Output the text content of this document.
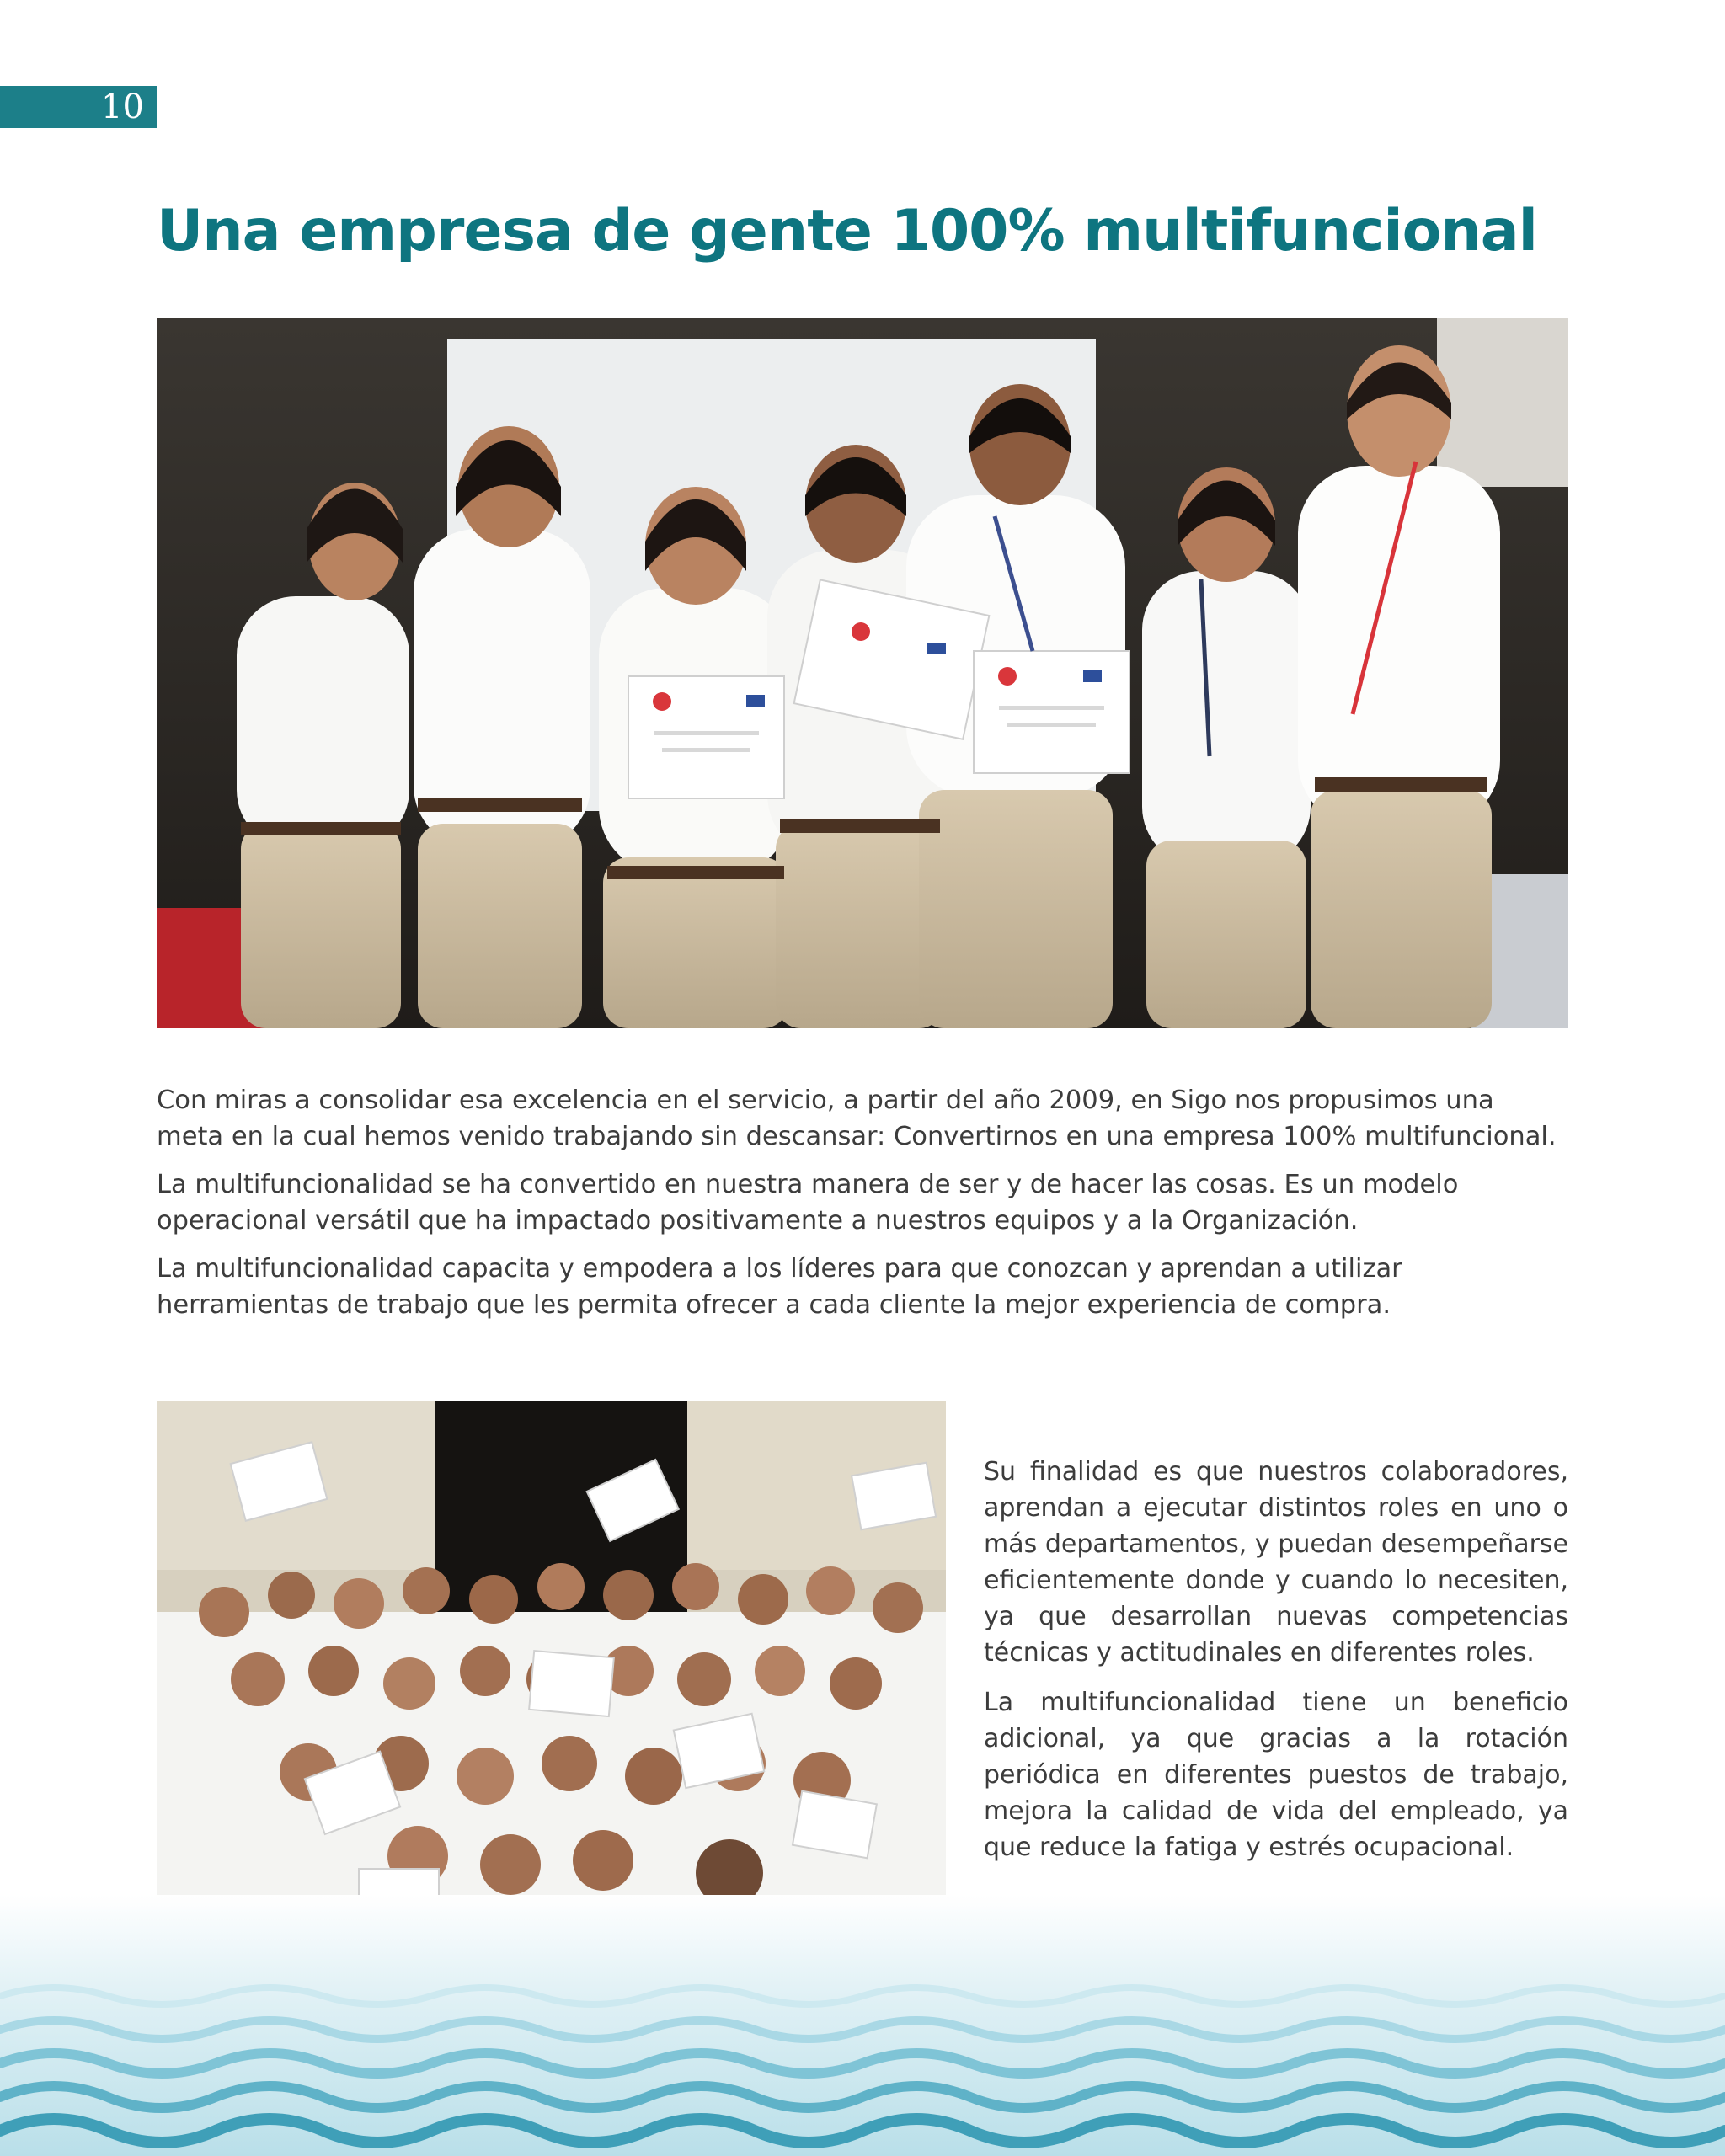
10
Una empresa de gente 100% multifuncional

Con miras a consolidar esa excelencia en el servicio, a partir del año 2009, en Sigo nos propusimos una meta en la cual hemos venido trabajando sin descansar: Convertirnos en una empresa 100% multifuncional.

La multifuncionalidad se ha convertido en nuestra manera de ser y de hacer las cosas. Es un modelo operacional versátil que ha impactado positivamente a nuestros equipos y a la Organización.

La multifuncionalidad capacita y empodera a los líderes para que conozcan y aprendan a utilizar herramientas de trabajo que les permita ofrecer a cada cliente la mejor experiencia de compra.

Su finalidad es que nuestros colaboradores, aprendan a ejecutar distintos roles en uno o más departamentos, y puedan desempeñarse eficientemente donde y cuando lo necesiten, ya que desarrollan nuevas competencias técnicas y actitudinales en diferentes roles.

La multifuncionalidad tiene un beneficio adicional, ya que gracias a la rotación periódica en diferentes puestos de trabajo, mejora la calidad de vida del empleado, ya que reduce la fatiga y estrés ocupacional.
